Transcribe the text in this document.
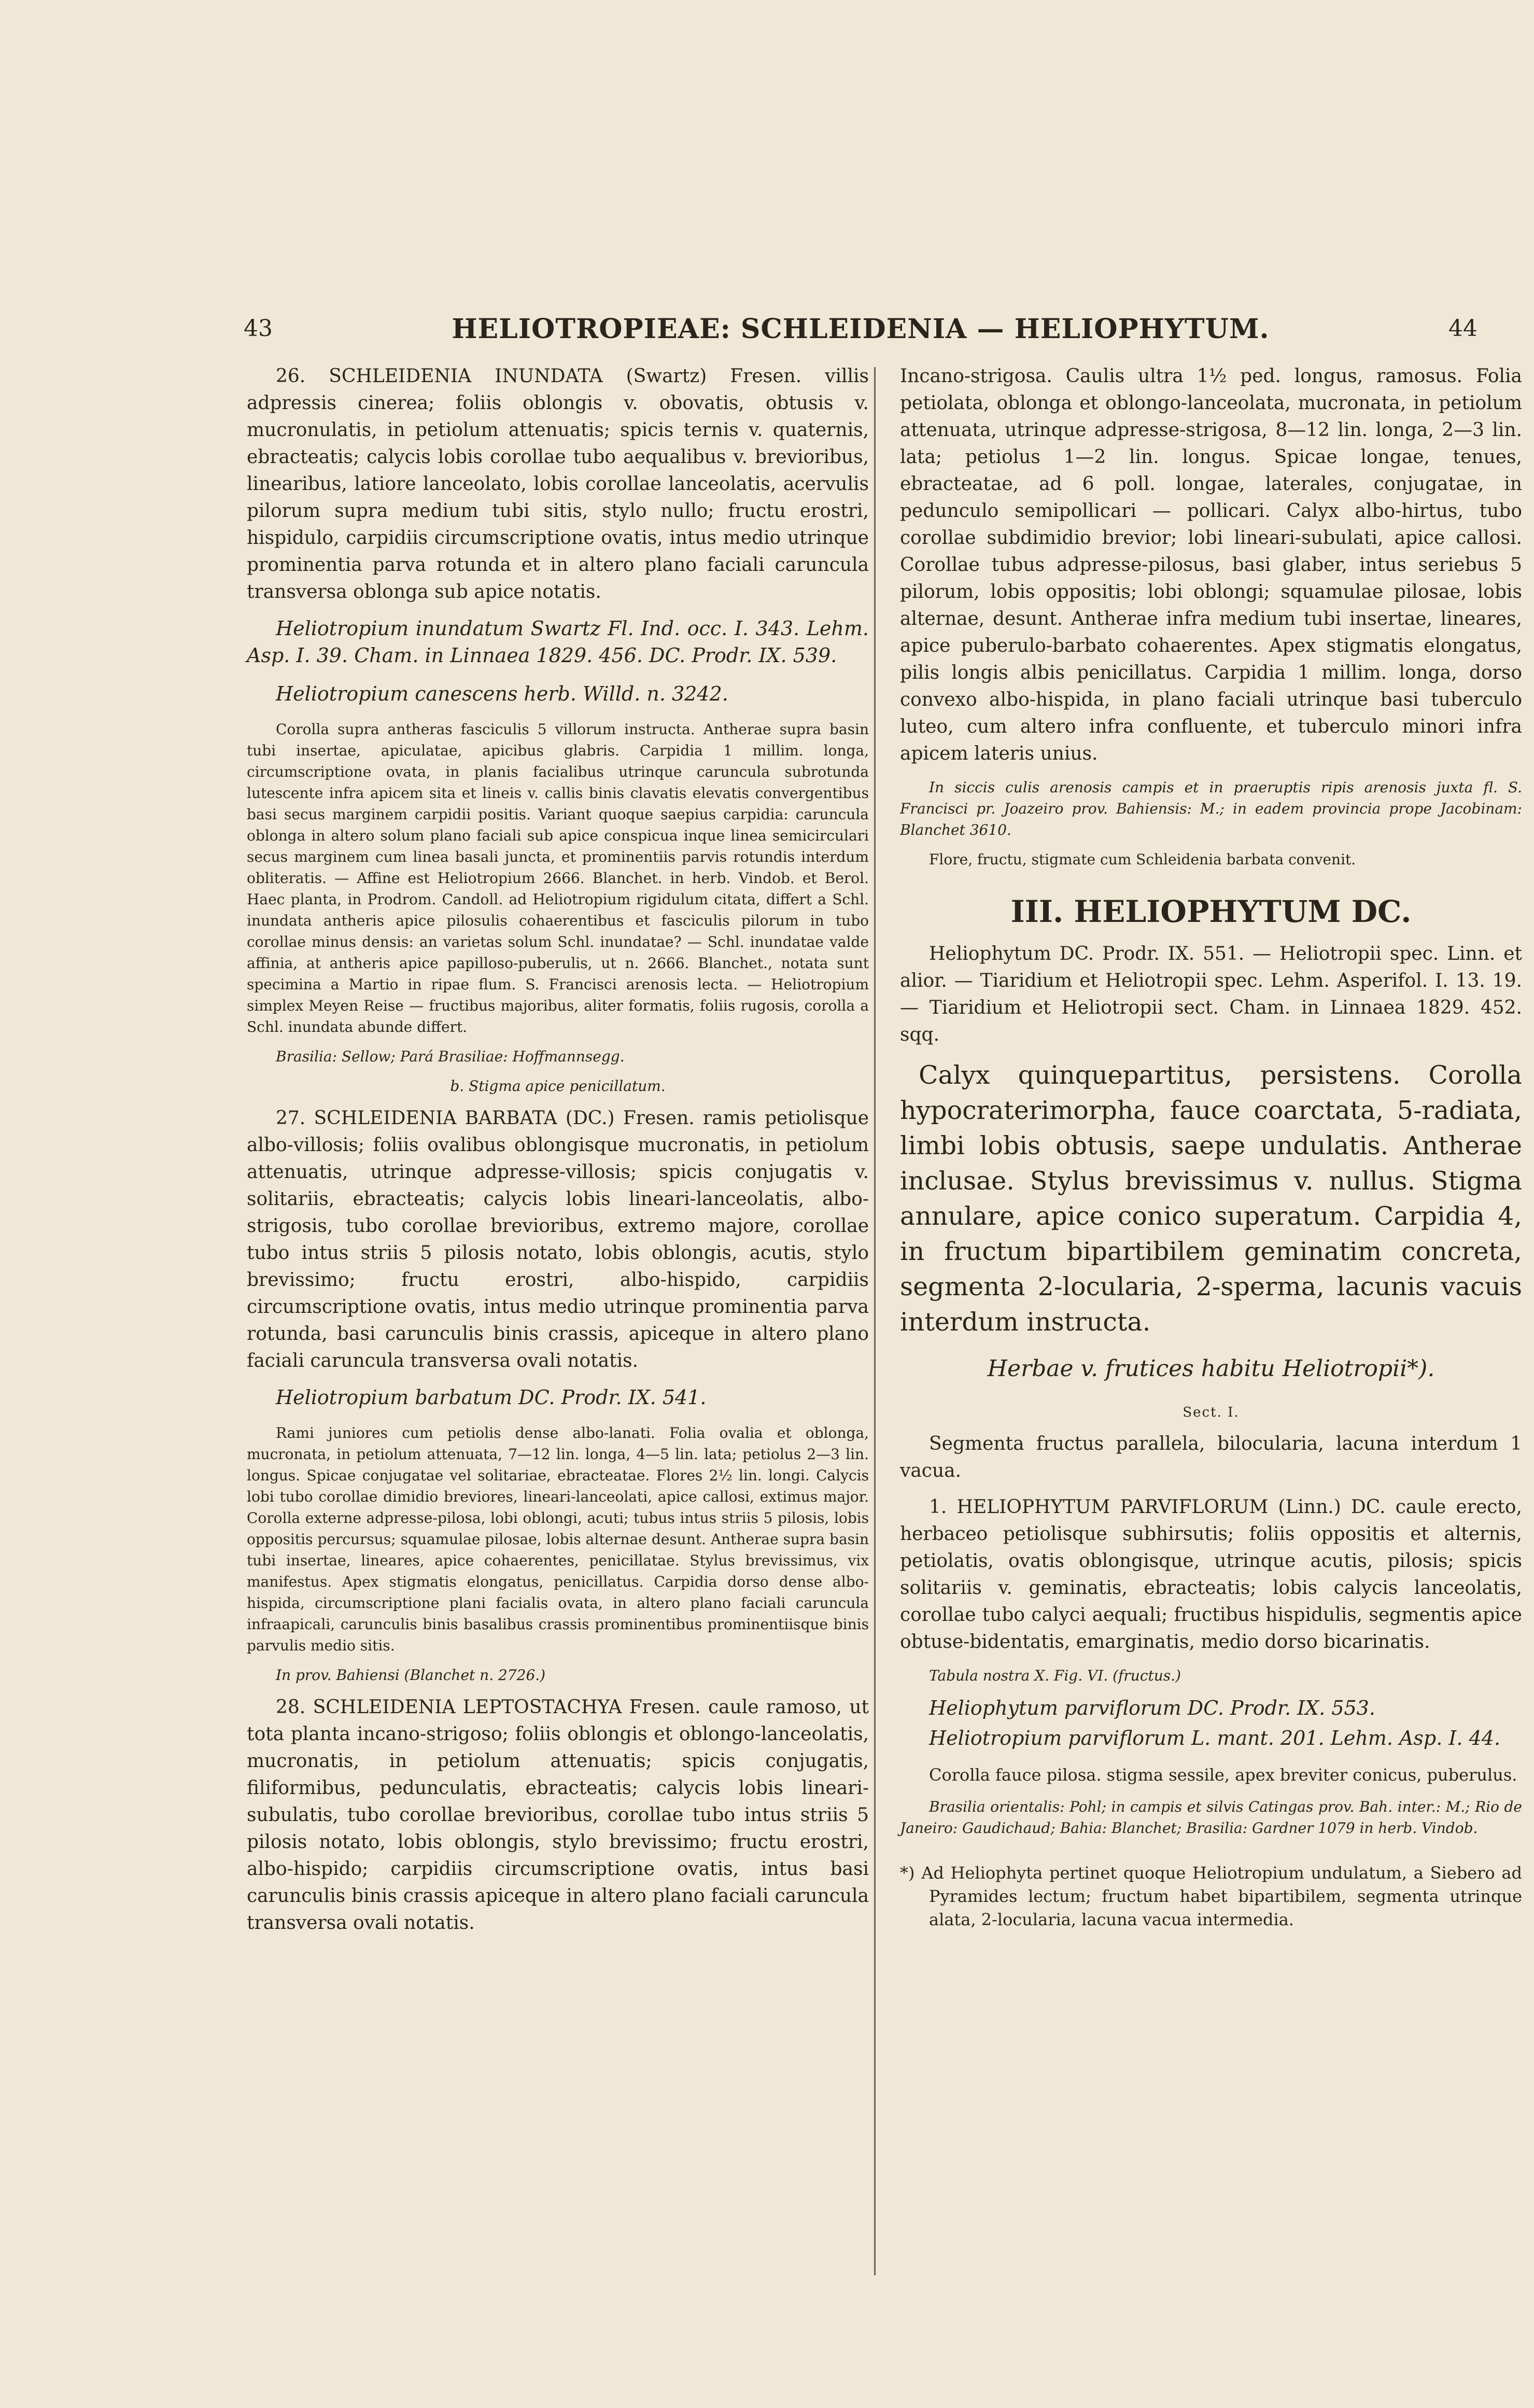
43	HELIOTROPIEAE: SCHLEIDENIA — HELIOPHYTUM.	44

26. SCHLEIDENIA INUNDATA (Swartz) Fresen. villis adpressis cinerea; foliis oblongis v. obovatis, obtusis v. mucronulatis, in petiolum attenuatis; spicis ternis v. quaternis, ebracteatis; calycis lobis corollae tubo aequalibus v. brevioribus, linearibus, latiore lanceolato, lobis corollae lanceolatis, acervulis pilorum supra medium tubi sitis, stylo nullo; fructu erostri, hispidulo, carpidiis circumscriptione ovatis, intus medio utrinque prominentia parva rotunda et in altero plano faciali caruncula transversa oblonga sub apice notatis.

Heliotropium inundatum Swartz Fl. Ind. occ. I. 343. Lehm. Asp. I. 39. Cham. in Linnaea 1829. 456. DC. Prodr. IX. 539.

Heliotropium canescens herb. Willd. n. 3242.

Corolla supra antheras fasciculis 5 villorum instructa. Antherae supra basin tubi insertae, apiculatae, apicibus glabris. Carpidia 1 millim. longa, circumscriptione ovata, in planis facialibus utrinque caruncula subrotunda lutescente infra apicem sita et lineis v. callis binis clavatis elevatis convergentibus basi secus marginem carpidii positis. Variant quoque saepius carpidia: caruncula oblonga in altero solum plano faciali sub apice conspicua inque linea semicirculari secus marginem cum linea basali juncta, et prominentiis parvis rotundis interdum obliteratis. — Affine est Heliotropium 2666. Blanchet. in herb. Vindob. et Berol. Haec planta, in Prodrom. Candoll. ad Heliotropium rigidulum citata, differt a Schl. inundata antheris apice pilosulis cohaerentibus et fasciculis pilorum in tubo corollae minus densis: an varietas solum Schl. inundatae? — Schl. inundatae valde affinia, at antheris apice papilloso-puberulis, ut n. 2666. Blanchet., notata sunt specimina a Martio in ripae flum. S. Francisci arenosis lecta. — Heliotropium simplex Meyen Reise — fructibus majoribus, aliter formatis, foliis rugosis, corolla a Schl. inundata abunde differt.

Brasilia: Sellow; Pará Brasiliae: Hoffmannsegg.

b. Stigma apice penicillatum.

27. SCHLEIDENIA BARBATA (DC.) Fresen. ramis petiolisque albo-villosis; foliis ovalibus oblongisque mucronatis, in petiolum attenuatis, utrinque adpresse-villosis; spicis conjugatis v. solitariis, ebracteatis; calycis lobis lineari-lanceolatis, albo-strigosis, tubo corollae brevioribus, extremo majore, corollae tubo intus striis 5 pilosis notato, lobis oblongis, acutis, stylo brevissimo; fructu erostri, albo-hispido, carpidiis circumscriptione ovatis, intus medio utrinque prominentia parva rotunda, basi carunculis binis crassis, apiceque in altero plano faciali caruncula transversa ovali notatis.

Heliotropium barbatum DC. Prodr. IX. 541.

Rami juniores cum petiolis dense albo-lanati. Folia ovalia et oblonga, mucronata, in petiolum attenuata, 7—12 lin. longa, 4—5 lin. lata; petiolus 2—3 lin. longus. Spicae conjugatae vel solitariae, ebracteatae. Flores 2½ lin. longi. Calycis lobi tubo corollae dimidio breviores, lineari-lanceolati, apice callosi, extimus major. Corolla externe adpresse-pilosa, lobi oblongi, acuti; tubus intus striis 5 pilosis, lobis oppositis percursus; squamulae pilosae, lobis alternae desunt. Antherae supra basin tubi insertae, lineares, apice cohaerentes, penicillatae. Stylus brevissimus, vix manifestus. Apex stigmatis elongatus, penicillatus. Carpidia dorso dense albo-hispida, circumscriptione plani facialis ovata, in altero plano faciali caruncula infraapicali, carunculis binis basalibus crassis prominentibus prominentiisque binis parvulis medio sitis.

In prov. Bahiensi (Blanchet n. 2726.)

28. SCHLEIDENIA LEPTOSTACHYA Fresen. caule ramoso, ut tota planta incano-strigoso; foliis oblongis et oblongo-lanceolatis, mucronatis, in petiolum attenuatis; spicis conjugatis, filiformibus, pedunculatis, ebracteatis; calycis lobis lineari-subulatis, tubo corollae brevioribus, corollae tubo intus striis 5 pilosis notato, lobis oblongis, stylo brevissimo; fructu erostri, albo-hispido; carpidiis circumscriptione ovatis, intus basi carunculis binis crassis apiceque in altero plano faciali caruncula transversa ovali notatis.

Incano-strigosa. Caulis ultra 1½ ped. longus, ramosus. Folia petiolata, oblonga et oblongo-lanceolata, mucronata, in petiolum attenuata, utrinque adpresse-strigosa, 8—12 lin. longa, 2—3 lin. lata; petiolus 1—2 lin. longus. Spicae longae, tenues, ebracteatae, ad 6 poll. longae, laterales, conjugatae, in pedunculo semipollicari — pollicari. Calyx albo-hirtus, tubo corollae subdimidio brevior; lobi lineari-subulati, apice callosi. Corollae tubus adpresse-pilosus, basi glaber, intus seriebus 5 pilorum, lobis oppositis; lobi oblongi; squamulae pilosae, lobis alternae, desunt. Antherae infra medium tubi insertae, lineares, apice puberulo-barbato cohaerentes. Apex stigmatis elongatus, pilis longis albis penicillatus. Carpidia 1 millim. longa, dorso convexo albo-hispida, in plano faciali utrinque basi tuberculo luteo, cum altero infra confluente, et tuberculo minori infra apicem lateris unius.

In siccis culis arenosis campis et in praeruptis ripis arenosis juxta fl. S. Francisci pr. Joazeiro prov. Bahiensis: M.; in eadem provincia prope Jacobinam: Blanchet 3610.

Flore, fructu, stigmate cum Schleidenia barbata convenit.

III. HELIOPHYTUM DC.

Heliophytum DC. Prodr. IX. 551. — Heliotropii spec. Linn. et alior. — Tiaridium et Heliotropii spec. Lehm. Asperifol. I. 13. 19. — Tiaridium et Heliotropii sect. Cham. in Linnaea 1829. 452. sqq.

Calyx quinquepartitus, persistens. Corolla hypocraterimorpha, fauce coarctata, 5-radiata, limbi lobis obtusis, saepe undulatis. Antherae inclusae. Stylus brevissimus v. nullus. Stigma annulare, apice conico superatum. Carpidia 4, in fructum bipartibilem geminatim concreta, segmenta 2-locularia, 2-sperma, lacunis vacuis interdum instructa.

Herbae v. frutices habitu Heliotropii*).

Sect. I.

Segmenta fructus parallela, bilocularia, lacuna interdum 1 vacua.

1. HELIOPHYTUM PARVIFLORUM (Linn.) DC. caule erecto, herbaceo petiolisque subhirsutis; foliis oppositis et alternis, petiolatis, ovatis oblongisque, utrinque acutis, pilosis; spicis solitariis v. geminatis, ebracteatis; lobis calycis lanceolatis, corollae tubo calyci aequali; fructibus hispidulis, segmentis apice obtuse-bidentatis, emarginatis, medio dorso bicarinatis.

Tabula nostra X. Fig. VI. (fructus.)

Heliophytum parviflorum DC. Prodr. IX. 553.

Heliotropium parviflorum L. mant. 201. Lehm. Asp. I. 44.

Corolla fauce pilosa. stigma sessile, apex breviter conicus, puberulus.

Brasilia orientalis: Pohl; in campis et silvis Catingas prov. Bah. inter.: M.; Rio de Janeiro: Gaudichaud; Bahia: Blanchet; Brasilia: Gardner 1079 in herb. Vindob.

*) Ad Heliophyta pertinet quoque Heliotropium undulatum, a Siebero ad Pyramides lectum; fructum habet bipartibilem, segmenta utrinque alata, 2-locularia, lacuna vacua intermedia.
